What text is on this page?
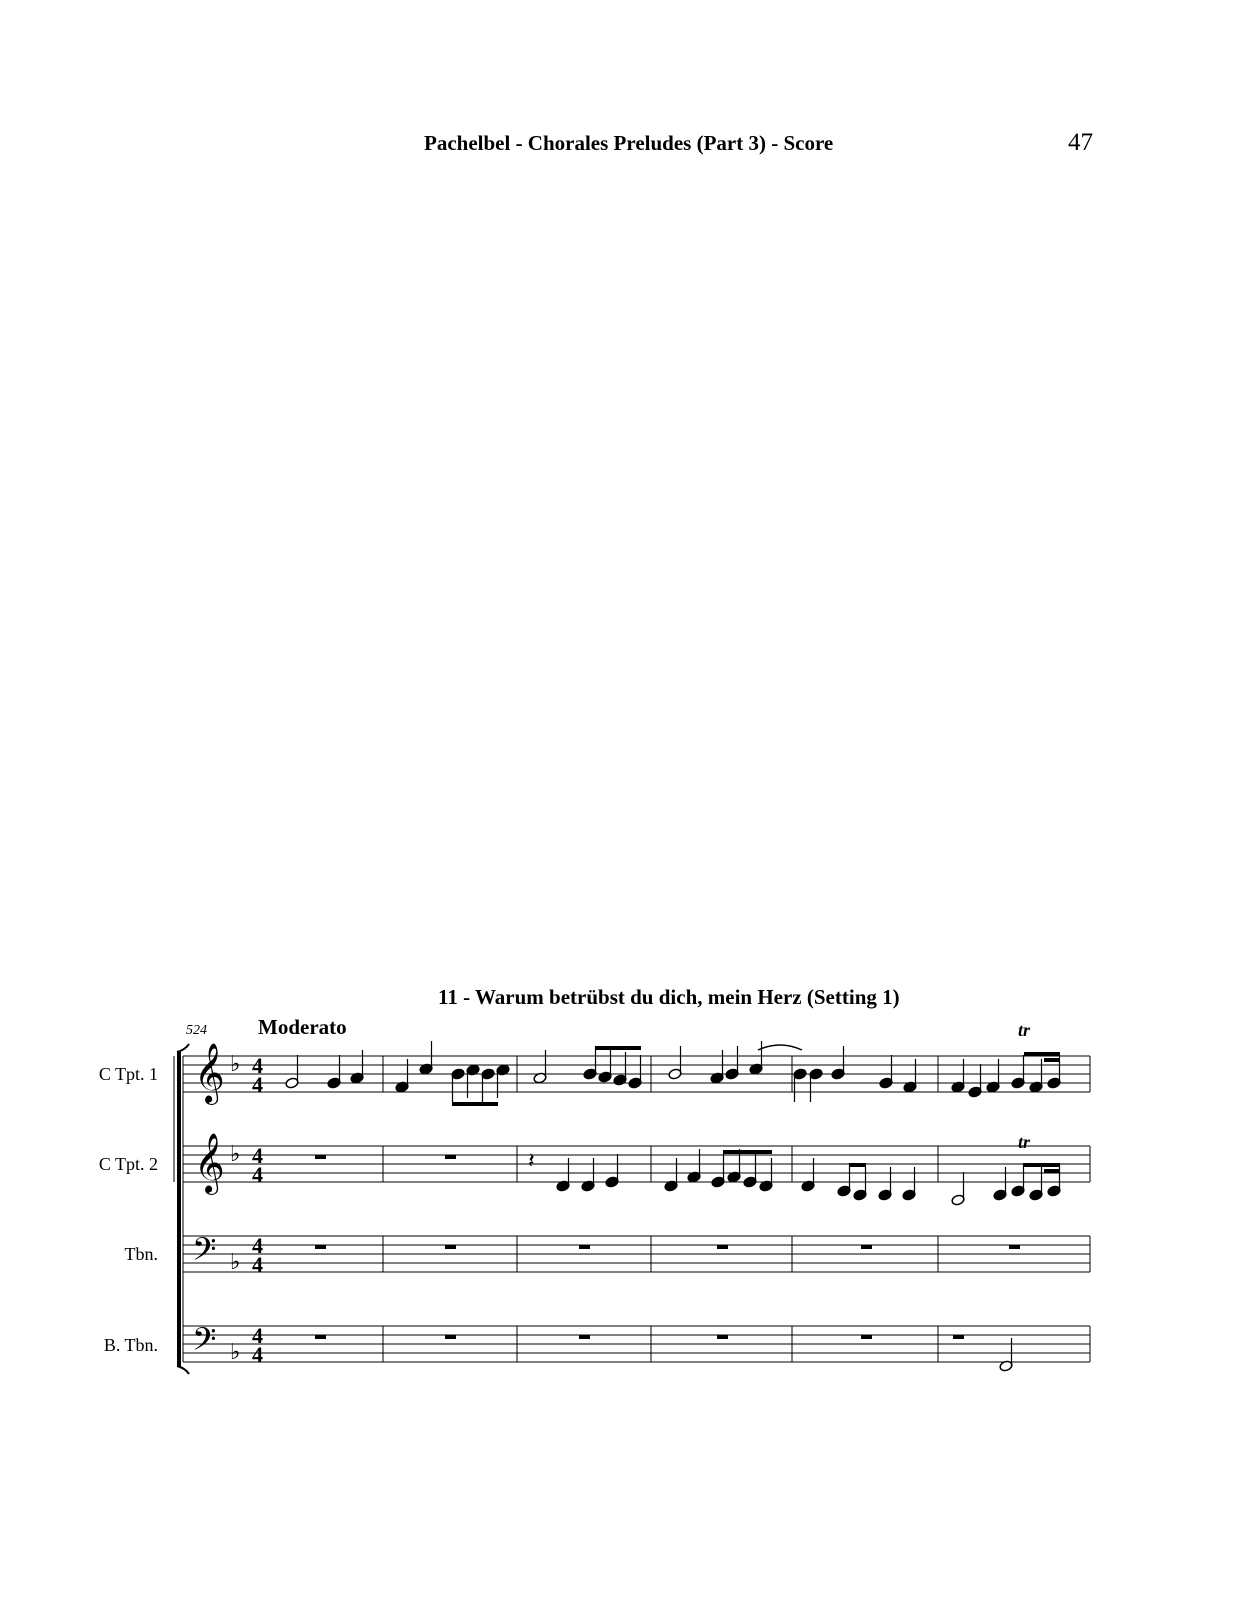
Pachelbel - Chorales Preludes (Part 3) - Score	47
11 - Warum betrübst du dich, mein Herz (Setting 1)
Moderato
524
C Tpt. 1
C Tpt. 2
Tbn.
B. Tbn.
𝄞 ♭ 4
4
𝄞 ♭ 4
4
𝄢 ♭
4
4
𝄢 ♭
4
4
tr
𝄽
tr
